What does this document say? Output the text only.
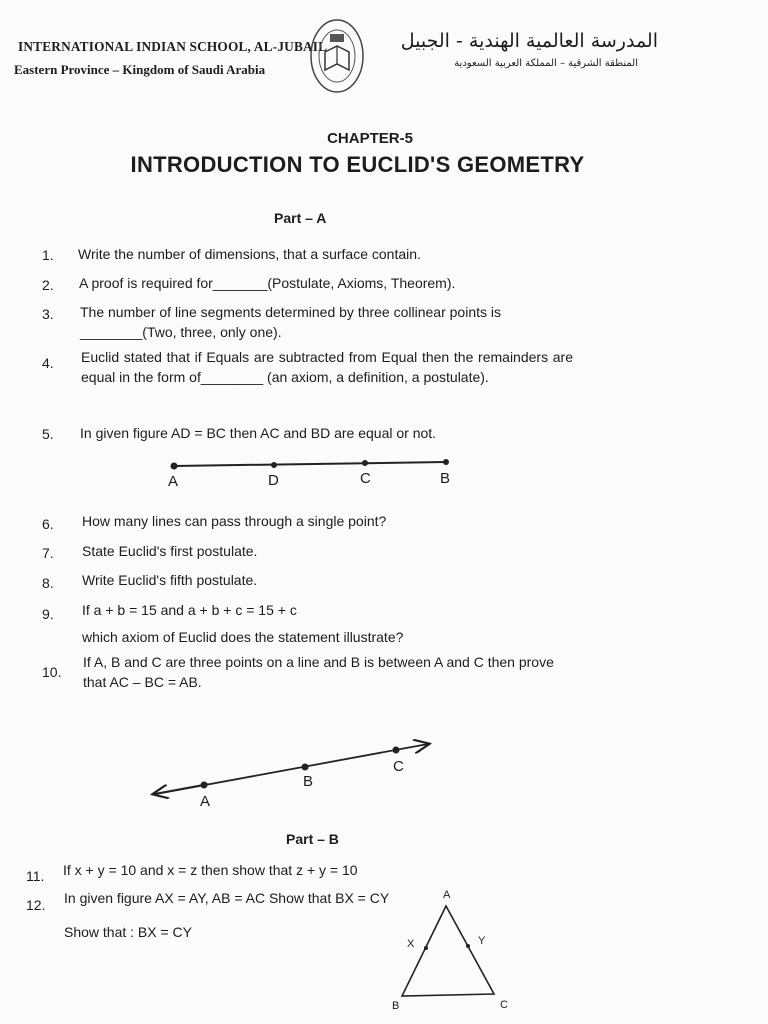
INTERNATIONAL INDIAN SCHOOL, AL-JUBAIL
Eastern Province – Kingdom of Saudi Arabia
المدرسة العالمية الهندية - الجبيل
المنطقة الشرقية – المملكة العربية السعودية
CHAPTER-5
INTRODUCTION TO EUCLID'S GEOMETRY
Part – A
1. Write the number of dimensions, that a surface contain.
2. A proof is required for_______(Postulate, Axioms, Theorem).
3. The number of line segments determined by three collinear points is ________(Two, three, only one).
4. Euclid stated that if Equals are subtracted from Equal then the remainders are equal in the form of________ (an axiom, a definition, a postulate).
5. In given figure AD = BC then AC and BD are equal or not.
A	D	C	B
6. How many lines can pass through a single point?
7. State Euclid's first postulate.
8. Write Euclid's fifth postulate.
9. If a + b = 15 and a + b + c = 15 + c
which axiom of Euclid does the statement illustrate?
10.
If A, B and C are three points on a line and B is between A and C then prove that AC – BC = AB.
A
B
C
Part – B
11. If x + y = 10 and x = z then show that z + y = 10
12. In given figure AX = AY, AB = AC Show that BX = CY
Show that : BX = CY
A
X	Y
B	C
